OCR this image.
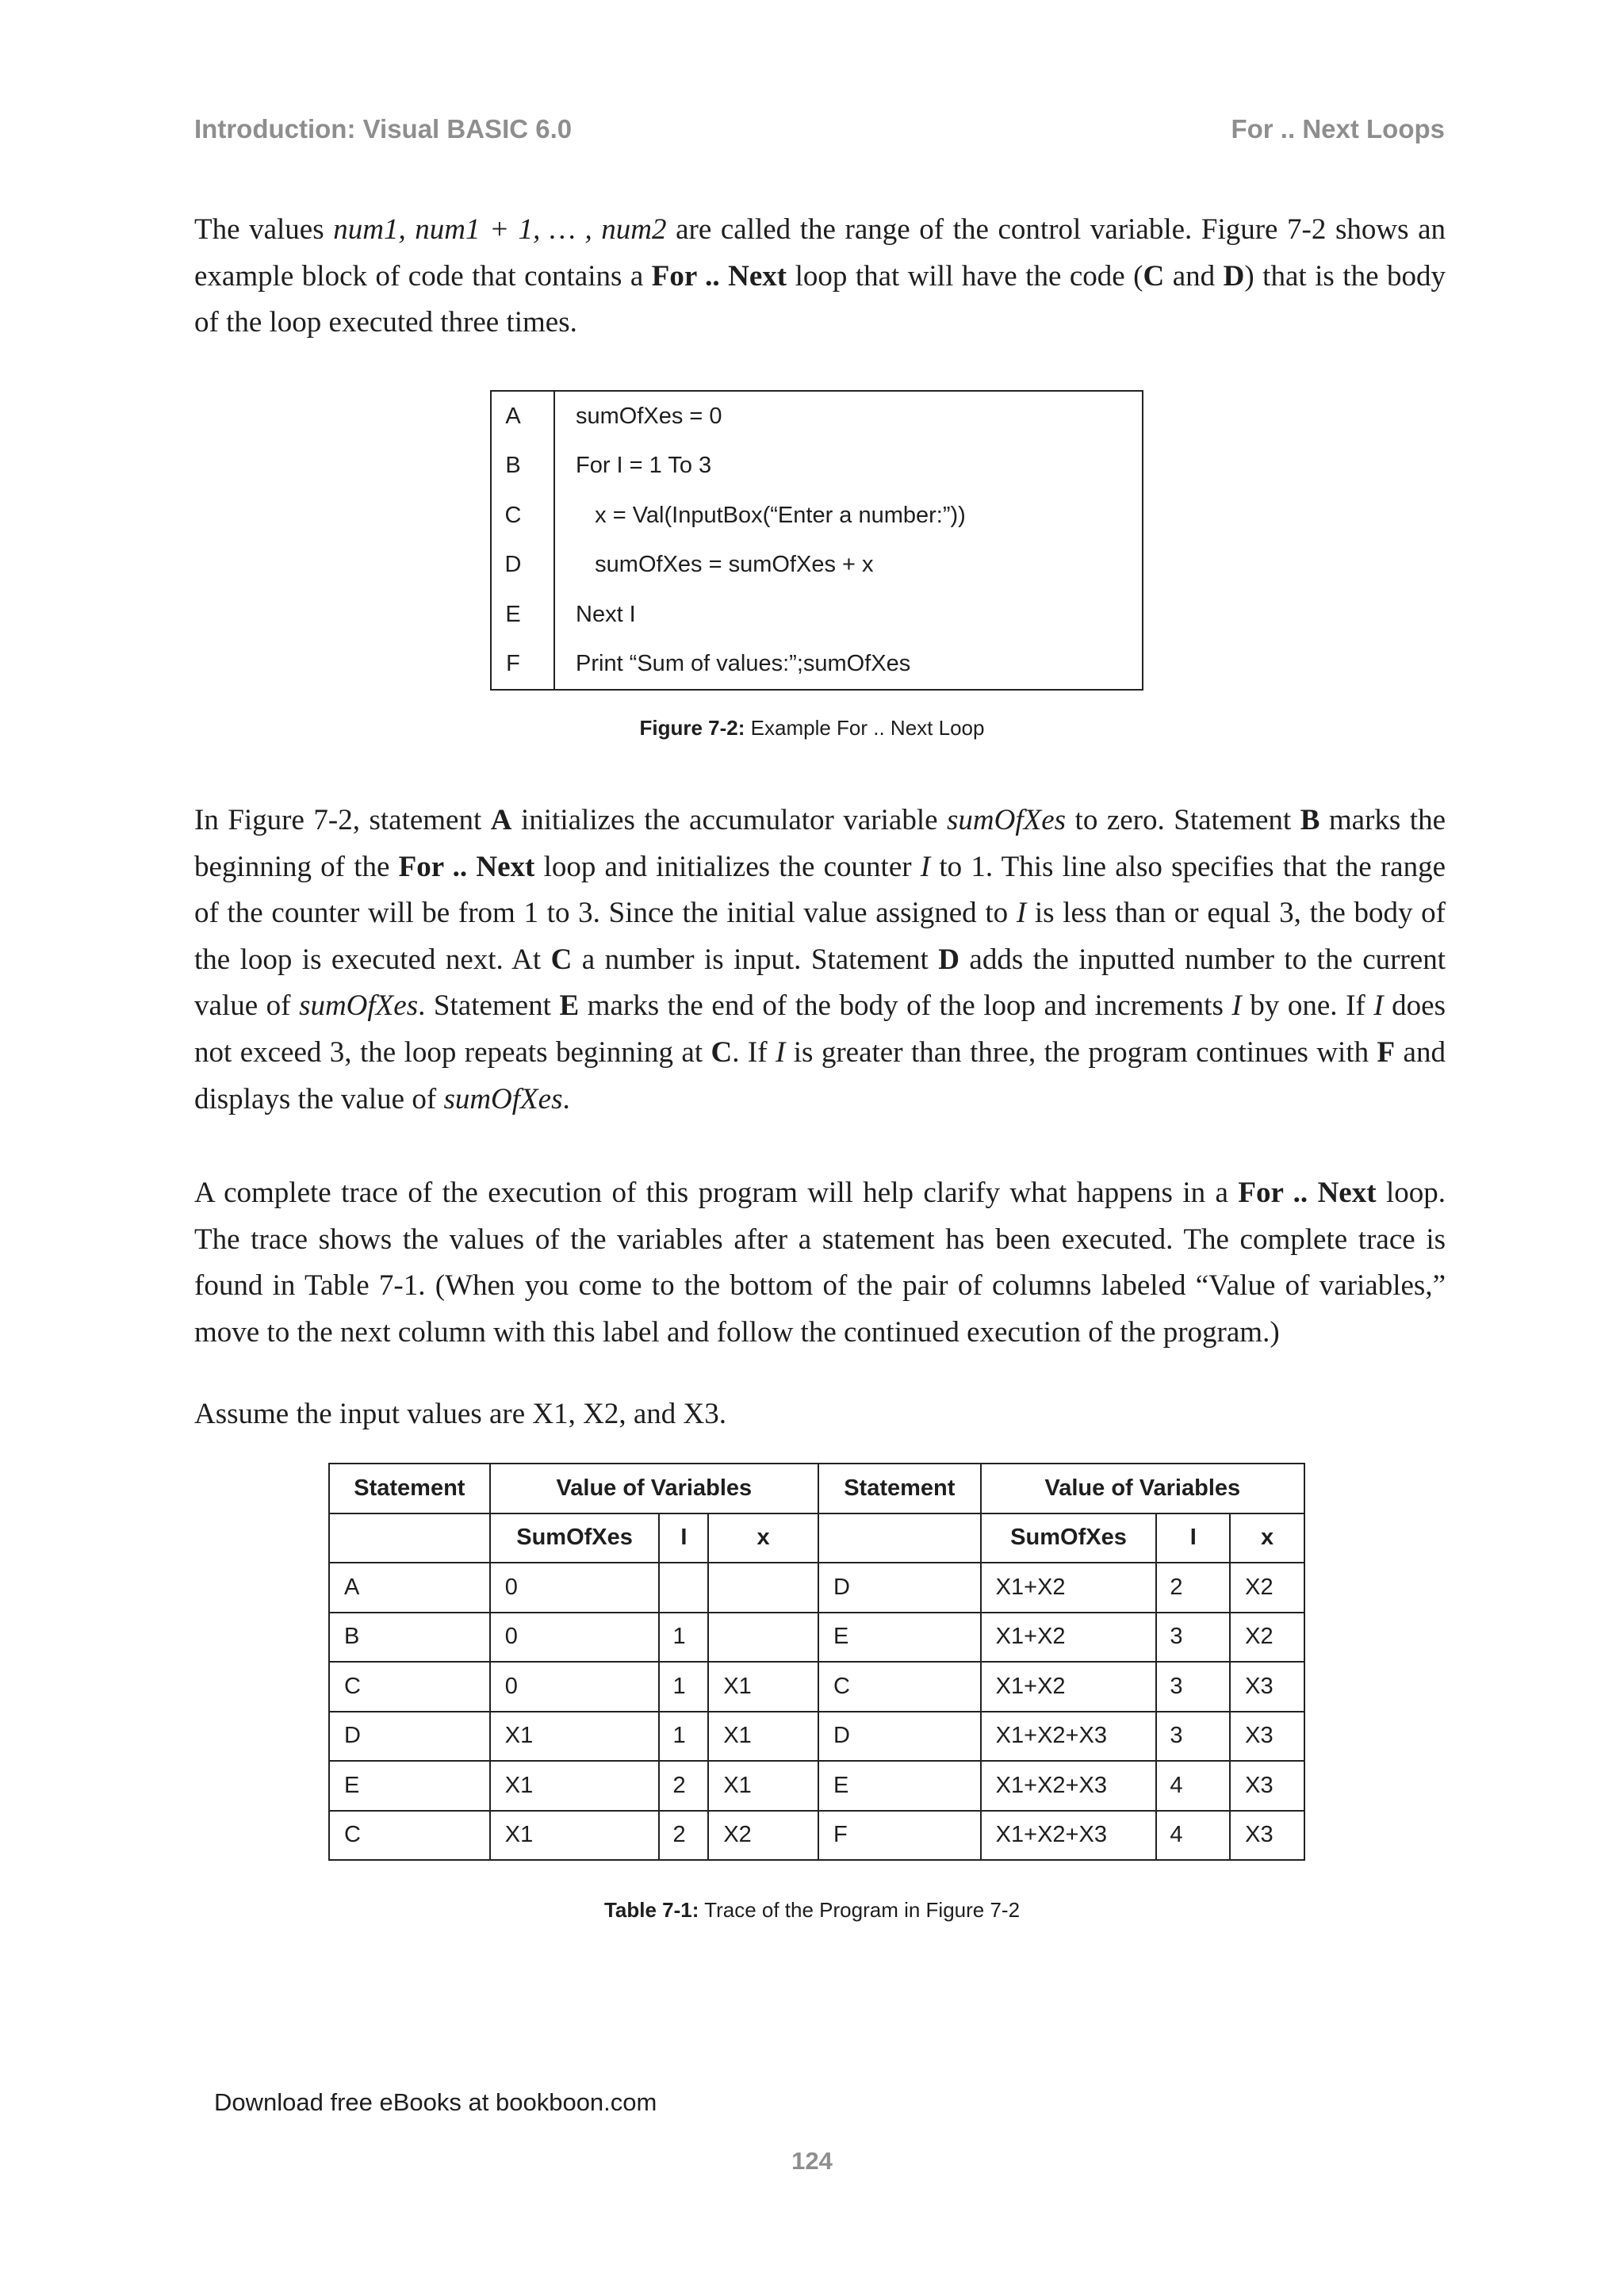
Introduction: Visual BASIC 6.0	For .. Next Loops

The values num1, num1 + 1, … , num2 are called the range of the control variable. Figure 7-2 shows an example block of code that contains a For .. Next loop that will have the code (C and D) that is the body of the loop executed three times.

A	sumOfXes = 0
B	For I = 1 To 3
C	x = Val(InputBox(“Enter a number:”))
D	sumOfXes = sumOfXes + x
E	Next I
F	Print “Sum of values:”;sumOfXes
Figure 7-2: Example For .. Next Loop

In Figure 7-2, statement A initializes the accumulator variable sumOfXes to zero. Statement B marks the beginning of the For .. Next loop and initializes the counter I to 1. This line also specifies that the range of the counter will be from 1 to 3. Since the initial value assigned to I is less than or equal 3, the body of the loop is executed next. At C a number is input. Statement D adds the inputted number to the current value of sumOfXes. Statement E marks the end of the body of the loop and increments I by one. If I does not exceed 3, the loop repeats beginning at C. If I is greater than three, the program continues with F and displays the value of sumOfXes.

A complete trace of the execution of this program will help clarify what happens in a For .. Next loop. The trace shows the values of the variables after a statement has been executed. The complete trace is found in Table 7-1. (When you come to the bottom of the pair of columns labeled “Value of variables,” move to the next column with this label and follow the continued execution of the program.)

Assume the input values are X1, X2, and X3.

Statement	Value of Variables			Statement	Value of Variables		
	SumOfXes	I	x		SumOfXes	I	x
A	0			D	X1+X2	2	X2
B	0	1		E	X1+X2	3	X2
C	0	1	X1	C	X1+X2	3	X3
D	X1	1	X1	D	X1+X2+X3	3	X3
E	X1	2	X1	E	X1+X2+X3	4	X3
C	X1	2	X2	F	X1+X2+X3	4	X3
Table 7-1: Trace of the Program in Figure 7-2
Download free eBooks at bookboon.com
124
